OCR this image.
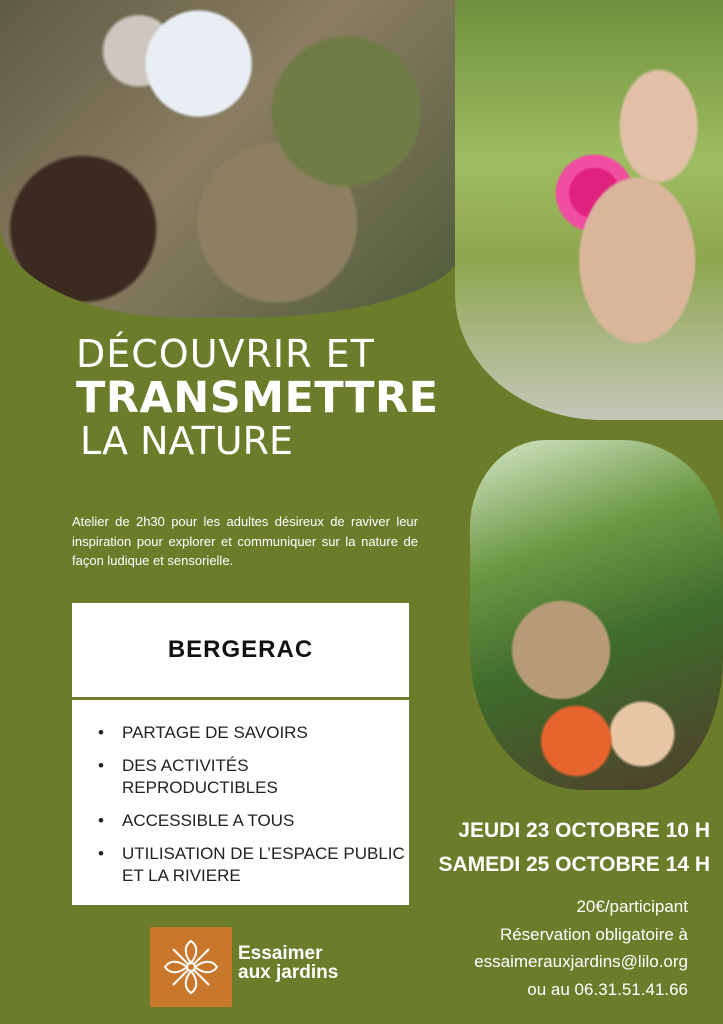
DÉCOUVRIR ET
TRANSMETTRE
LA NATURE
Atelier de 2h30 pour les adultes désireux de raviver leur inspiration pour explorer et communiquer sur la nature de façon ludique et sensorielle.
BERGERAC
• PARTAGE DE SAVOIRS
• DES ACTIVITÉS REPRODUCTIBLES
• ACCESSIBLE A TOUS
• UTILISATION DE L’ESPACE PUBLIC ET LA RIVIERE
JEUDI 23 OCTOBRE 10 H
SAMEDI 25 OCTOBRE 14 H
20€/participant
Réservation obligatoire à
essaimeraux​jardins@lilo.org
ou au 06.31.51.41.66
Essaimer
aux jardins
